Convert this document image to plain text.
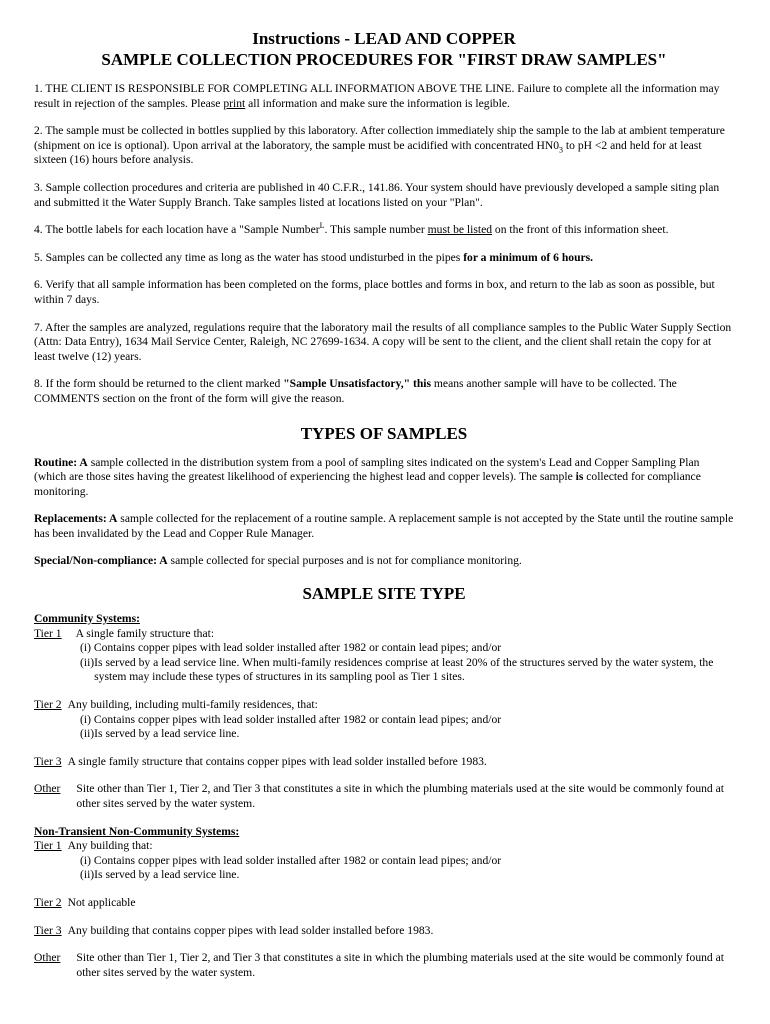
Instructions - LEAD AND COPPER

SAMPLE COLLECTION PROCEDURES FOR "FIRST DRAW SAMPLES"

1. THE CLIENT IS RESPONSIBLE FOR COMPLETING ALL INFORMATION ABOVE THE LINE. Failure to complete all the information may result in rejection of the samples. Please print all information and make sure the information is legible.

2. The sample must be collected in bottles supplied by this laboratory. After collection immediately ship the sample to the lab at ambient temperature (shipment on ice is optional). Upon arrival at the laboratory, the sample must be acidified with concentrated $HN0_3$ to pH <2 and held for at least sixteen (16) hours before analysis.

3. Sample collection procedures and criteria are published in 40 C.F.R., 141.86. Your system should have previously developed a sample siting plan and submitted it the Water Supply Branch. Take samples listed at locations listed on your "Plan".

4. The bottle labels for each location have a "Sample Number$^L$. This sample number must be listed on the front of this information sheet.

5. Samples can be collected any time as long as the water has stood undisturbed in the pipes for a minimum of 6 hours.

6. Verify that all sample information has been completed on the forms, place bottles and forms in box, and return to the lab as soon as possible, but within 7 days.

7. After the samples are analyzed, regulations require that the laboratory mail the results of all compliance samples to the Public Water Supply Section (Attn: Data Entry), 1634 Mail Service Center, Raleigh, NC 27699-1634. A copy will be sent to the client, and the client shall retain the copy for at least twelve (12) years.

8. If the form should be returned to the client marked "Sample Unsatisfactory," this means another sample will have to be collected. The COMMENTS section on the front of the form will give the reason.

TYPES OF SAMPLES

Routine: A sample collected in the distribution system from a pool of sampling sites indicated on the system's Lead and Copper Sampling Plan (which are those sites having the greatest likelihood of experiencing the highest lead and copper levels). The sample is collected for compliance monitoring.

Replacements: A sample collected for the replacement of a routine sample. A replacement sample is not accepted by the State until the routine sample has been invalidated by the Lead and Copper Rule Manager.

Special/Non-compliance: A sample collected for special purposes and is not for compliance monitoring.

SAMPLE SITE TYPE

Community Systems:

Tier 1 A single family structure that:
(i) Contains copper pipes with lead solder installed after 1982 or contain lead pipes; and/or
(ii) Is served by a lead service line. When multi-family residences comprise at least 20% of the structures served by the water system, the system may include these types of structures in its sampling pool as Tier 1 sites.
Tier 2 Any building, including multi-family residences, that:
(i) Contains copper pipes with lead solder installed after 1982 or contain lead pipes; and/or
(ii) Is served by a lead service line.
Tier 3 A single family structure that contains copper pipes with lead solder installed before 1983.
Other Site other than Tier 1, Tier 2, and Tier 3 that constitutes a site in which the plumbing materials used at the site would be commonly found at other sites served by the water system.

Non-Transient Non-Community Systems:

Tier 1 Any building that:
(i) Contains copper pipes with lead solder installed after 1982 or contain lead pipes; and/or
(ii) Is served by a lead service line.
Tier 2 Not applicable
Tier 3 Any building that contains copper pipes with lead solder installed before 1983.
Other Site other than Tier 1, Tier 2, and Tier 3 that constitutes a site in which the plumbing materials used at the site would be commonly found at other sites served by the water system.
